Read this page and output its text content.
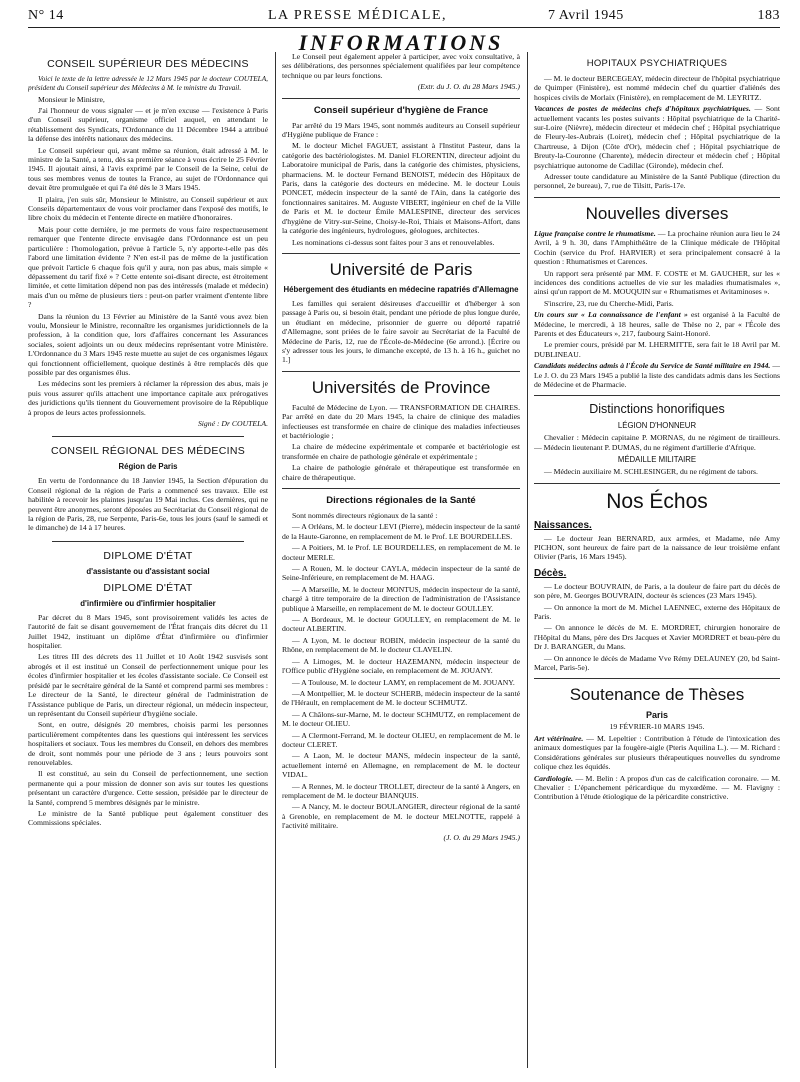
N° 14	LA PRESSE MÉDICALE,	7 Avril 1945	183
INFORMATIONS
CONSEIL SUPÉRIEUR DES MÉDECINS

Voici le texte de la lettre adressée le 12 Mars 1945 par le docteur COUTELA, président du Conseil supérieur des Médecins à M. le ministre du Travail.

Monsieur le Ministre,

J'ai l'honneur de vous signaler — et je m'en excuse — l'existence à Paris d'un Conseil supérieur, organisme officiel auquel, en attendant le rétablissement des Syndicats, l'Ordonnance du 11 Décembre 1944 a attribué la défense des intérêts nationaux des médecins.

Le Conseil supérieur qui, avant même sa réunion, était adressé à M. le ministre de la Santé, a tenu, dès sa première séance à vous écrire le 25 Février 1945. Il ajoutait ainsi, à l'avis exprimé par le Conseil de la Seine, celui de tous ses membres venus de toutes la France, au sujet de l'Ordonnance qui devait être promulguée et qui l'a été dès le 3 Mars 1945.

Il plaira, j'en suis sûr, Monsieur le Ministre, au Conseil supérieur et aux Conseils départementaux de vous voir proclamer dans l'exposé des motifs, le libre choix du médecin et l'entente directe en matière d'honoraires.

Mais pour cette dernière, je me permets de vous faire respectueusement remarquer que l'entente directe envisagée dans l'Ordonnance est un peu particulière : l'homologation, prévue à l'article 5, n'y apporte-t-elle pas dès l'abord une limitation évidente ? N'en est-il pas de même de la justification que prévoit l'article 6 chaque fois qu'il y aura, non pas abus, mais simple « dépassement du tarif fixé » ? Cette entente soi-disant directe, est étroitement limitée, et cette limitation dépend non pas des intéressés (malade et médecin) mais d'un ou même de plusieurs tiers : peut-on parler vraiment d'entente libre ?

Dans la réunion du 13 Février au Ministère de la Santé vous avez bien voulu, Monsieur le Ministre, reconnaître les organismes juridictionnels de la profession, à la condition que, lors d'affaires concernant les Assurances sociales, soient adjoints un ou deux médecins représentant votre Ministère. L'Ordonnance du 3 Mars 1945 reste muette au sujet de ces organismes légaux qui fonctionnent officiellement, quoique destinés à être remplacés dès que possible par des organismes élus.

Les médecins sont les premiers à réclamer la répression des abus, mais je puis vous assurer qu'ils attachent une importance capitale aux prérogatives des juridictions qu'ils tiennent du Gouvernement provisoire de la République à propos de leurs actes professionnels.

Signé : Dr COUTELA.

CONSEIL RÉGIONAL DES MÉDECINS
Région de Paris

En vertu de l'ordonnance du 18 Janvier 1945, la Section d'épuration du Conseil régional de la région de Paris a commencé ses travaux. Elle est habilitée à recevoir les plaintes jusqu'au 19 Mai inclus. Ces dernières, qui ne peuvent être anonymes, seront déposées au Secrétariat du Conseil régional de la région de Paris, 28, rue Serpente, Paris-6e, tous les jours (sauf le samedi et le dimanche) de 14 à 17 heures.

DIPLOME D'ÉTAT
d'assistante ou d'assistant social
DIPLOME D'ÉTAT
d'infirmière ou d'infirmier hospitalier

Par décret du 8 Mars 1945, sont provisoirement validés les actes de l'autorité de fait se disant gouvernement de l'État français dits décret du 11 Juillet 1942, instituant un diplôme d'État d'infirmière ou d'infirmier hospitalier.

Les titres III des décrets des 11 Juillet et 10 Août 1942 susvisés sont abrogés et il est institué un Conseil de perfectionnement unique pour les écoles d'infirmier hospitalier et les écoles d'assistante sociale. Ce Conseil est présidé par le secrétaire général de la Santé et comprend parmi ses membres : Le directeur de la Santé, le directeur général de l'administration de l'Assistance publique de Paris, un directeur régional, un médecin inspecteur, un représentant du Conseil supérieur d'hygiène sociale.

Sont, en outre, désignés 20 membres, choisis parmi les personnes particulièrement compétentes dans les questions qui intéressent les services hospitaliers et sociaux. Tous les membres du Conseil, en dehors des membres de droit, sont nommés pour une période de 3 ans ; leurs pouvoirs sont renouvelables.

Il est constitué, au sein du Conseil de perfectionnement, une section permanente qui a pour mission de donner son avis sur toutes les questions présentant un caractère d'urgence. Cette session, présidée par le directeur de la Santé, comprend 5 membres désignés par le ministre.

Le ministre de la Santé publique peut également constituer des Commissions spéciales.

Le Conseil peut également appeler à participer, avec voix consultative, à ses délibérations, des personnes spécialement qualifiées par leur compétence technique ou par leurs fonctions.

(Extr. du J. O. du 28 Mars 1945.)

Conseil supérieur d'hygiène de France

Par arrêté du 19 Mars 1945, sont nommés auditeurs au Conseil supérieur d'Hygiène publique de France :

M. le docteur Michel FAGUET, assistant à l'Institut Pasteur, dans la catégorie des bactériologistes. M. Daniel FLORENTIN, directeur adjoint du Laboratoire municipal de Paris, dans la catégorie des chimistes, physiciens, pharmaciens. M. le docteur Fernand BENOIST, médecin des Hôpitaux de Paris, dans la catégorie des docteurs en médecine. M. le docteur Louis PONCET, médecin inspecteur de la santé de l'Ain, dans la catégorie des fonctionnaires sanitaires. M. Auguste VIBERT, ingénieur en chef de la Ville de Paris et M. le docteur Émile MALESPINE, directeur des services d'hygiène de Vitry-sur-Seine, Choisy-le-Roi, Thiais et Maisons-Alfort, dans la catégorie des ingénieurs, hydrologues, géologues, architectes.

Les nominations ci-dessus sont faites pour 3 ans et renouvelables.

Université de Paris
Hébergement des étudiants en médecine rapatriés d'Allemagne

Les familles qui seraient désireuses d'accueillir et d'héberger à son passage à Paris ou, si besoin était, pendant une période de plus longue durée, un étudiant en médecine, prisonnier de guerre ou déporté rapatrié d'Allemagne, sont priées de le faire savoir au Secrétariat de la Faculté de Médecine de Paris, 12, rue de l'École-de-Médecine (6e arrond.). [Écrire ou s'y adresser tous les jours, le dimanche excepté, de 13 h. à 16 h., guichet no 1.]

Universités de Province

Faculté de Médecine de Lyon. — TRANSFORMATION DE CHAIRES. Par arrêté en date du 20 Mars 1945, la chaire de clinique des maladies infectieuses est transformée en chaire de clinique des maladies infectieuses et bactériologie ;

La chaire de médecine expérimentale et comparée et bactériologie est transformée en chaire de pathologie générale et expérimentale ;

La chaire de pathologie générale et thérapeutique est transformée en chaire de thérapeutique.

Directions régionales de la Santé

Sont nommés directeurs régionaux de la santé :

— A Orléans, M. le docteur LEVI (Pierre), médecin inspecteur de la santé de la Haute-Garonne, en remplacement de M. le Prof. LE BOURDELLES.

— A Poitiers, M. le Prof. LE BOURDELLES, en remplacement de M. le docteur MERLE.

— A Rouen, M. le docteur CAYLA, médecin inspecteur de la santé de Seine-Inférieure, en remplacement de M. HAAG.

— A Marseille, M. le docteur MONTUS, médecin inspecteur de la santé, chargé à titre temporaire de la direction de l'administration de l'Assistance publique à Marseille, en remplacement de M. le docteur GOULLEY.

— A Bordeaux, M. le docteur GOULLEY, en remplacement de M. le docteur ALBERTIN.

— A Lyon, M. le docteur ROBIN, médecin inspecteur de la santé du Rhône, en remplacement de M. le docteur CLAVELIN.

— A Limoges, M. le docteur HAZEMANN, médecin inspecteur de l'Office public d'Hygiène sociale, en remplacement de M. JOUANY.

— A Toulouse, M. le docteur LAMY, en remplacement de M. JOUANY.

—A Montpellier, M. le docteur SCHERB, médecin inspecteur de la santé de l'Hérault, en remplacement de M. le docteur SCHMUTZ.

— A Châlons-sur-Marne, M. le docteur SCHMUTZ, en remplacement de M. le docteur OLIEU.

— A Clermont-Ferrand, M. le docteur OLIEU, en remplacement de M. le docteur CLERET.

— A Laon, M. le docteur MANS, médecin inspecteur de la santé, actuellement interné en Allemagne, en remplacement de M. le docteur VIDAL.

— A Rennes, M. le docteur TROLLET, directeur de la santé à Angers, en remplacement de M. le docteur BIANQUIS.

— A Nancy, M. le docteur BOULANGIER, directeur régional de la santé à Grenoble, en remplacement de M. le docteur MELNOTTE, rappelé à l'activité militaire.

(J. O. du 29 Mars 1945.)

HOPITAUX PSYCHIATRIQUES

— M. le docteur BERCEGEAY, médecin directeur de l'hôpital psychiatrique de Quimper (Finistère), est nommé médecin chef du quartier d'aliénés des hospices civils de Morlaix (Finistère), en remplacement de M. LEYRITZ.

Vacances de postes de médecins chefs d'hôpitaux psychiatriques. — Sont actuellement vacants les postes suivants : Hôpital psychiatrique de la Charité-sur-Loire (Nièvre), médecin directeur et médecin chef ; Hôpital psychiatrique de Fleury-les-Aubrais (Loiret), médecin chef ; Hôpital psychiatrique de la Chartreuse, à Dijon (Côte d'Or), médecin chef ; Hôpital psychiatrique de Breuty-la-Couronne (Charente), médecin directeur et médecin chef ; Hôpital psychiatrique autonome de Cadillac (Gironde), médecin chef.

Adresser toute candidature au Ministère de la Santé Publique (direction du personnel, 2e bureau), 7, rue de Tilsitt, Paris-17e.

Nouvelles diverses

Ligue française contre le rhumatisme. — La prochaine réunion aura lieu le 24 Avril, à 9 h. 30, dans l'Amphithéâtre de la Clinique médicale de l'Hôpital Cochin (service du Prof. HARVIER) et sera principalement consacré à la question : Rhumatismes et Carences.

Un rapport sera présenté par MM. F. COSTE et M. GAUCHER, sur les « incidences des conditions actuelles de vie sur les maladies rhumatismales », ainsi qu'un rapport de M. MOUQUIN sur « Rhumatismes et Avitaminoses ».

S'inscrire, 23, rue du Cherche-Midi, Paris.

Un cours sur « La connaissance de l'enfant » est organisé à la Faculté de Médecine, le mercredi, à 18 heures, salle de Thèse no 2, par « l'École des Parents et des Éducateurs », 217, faubourg Saint-Honoré.

Le premier cours, présidé par M. LHERMITTE, sera fait le 18 Avril par M. DUBLINEAU.

Candidats médecins admis à l'École du Service de Santé militaire en 1944. — Le J. O. du 23 Mars 1945 a publié la liste des candidats admis dans les Sections de Médecine et de Pharmacie.

Distinctions honorifiques
LÉGION D'HONNEUR

Chevalier : Médecin capitaine P. MORNAS, du ne régiment de tirailleurs. — Médecin lieutenant P. DUMAS, du ne régiment d'artillerie d'Afrique.

MÉDAILLE MILITAIRE

— Médecin auxiliaire M. SCHLESINGER, du ne régiment de tabors.

Nos Échos
Naissances.

— Le docteur Jean BERNARD, aux armées, et Madame, née Amy PICHON, sont heureux de faire part de la naissance de leur troisième enfant Olivier (Paris, 16 Mars 1945).

Décès.

— Le docteur BOUVRAIN, de Paris, a la douleur de faire part du décès de son père, M. Georges BOUVRAIN, docteur ès sciences (23 Mars 1945).

— On annonce la mort de M. Michel LAENNEC, externe des Hôpitaux de Paris.

— On annonce le décès de M. E. MORDRET, chirurgien honoraire de l'Hôpital du Mans, père des Drs Jacques et Xavier MORDRET et beau-père du Dr J. BARANGER, du Mans.

— On annonce le décès de Madame Vve Rémy DELAUNEY (20, bd Saint-Marcel, Paris-5e).

Soutenance de Thèses
Paris

19 FÉVRIER-10 MARS 1945.

Art vétérinaire. — M. Lepeltier : Contribution à l'étude de l'intoxication des animaux domestiques par la fougère-aigle (Pteris Aquilina L.). — M. Richard : Considérations générales sur plusieurs thérapeutiques nouvelles du syndrome colique chez les équidés.

Cardiologie. — M. Belin : A propos d'un cas de calcification coronaire. — M. Chevalier : L'épanchement péricardique du myxœdème. — M. Flavigny : Contribution à l'étude étiologique de la péricardite constrictive.
